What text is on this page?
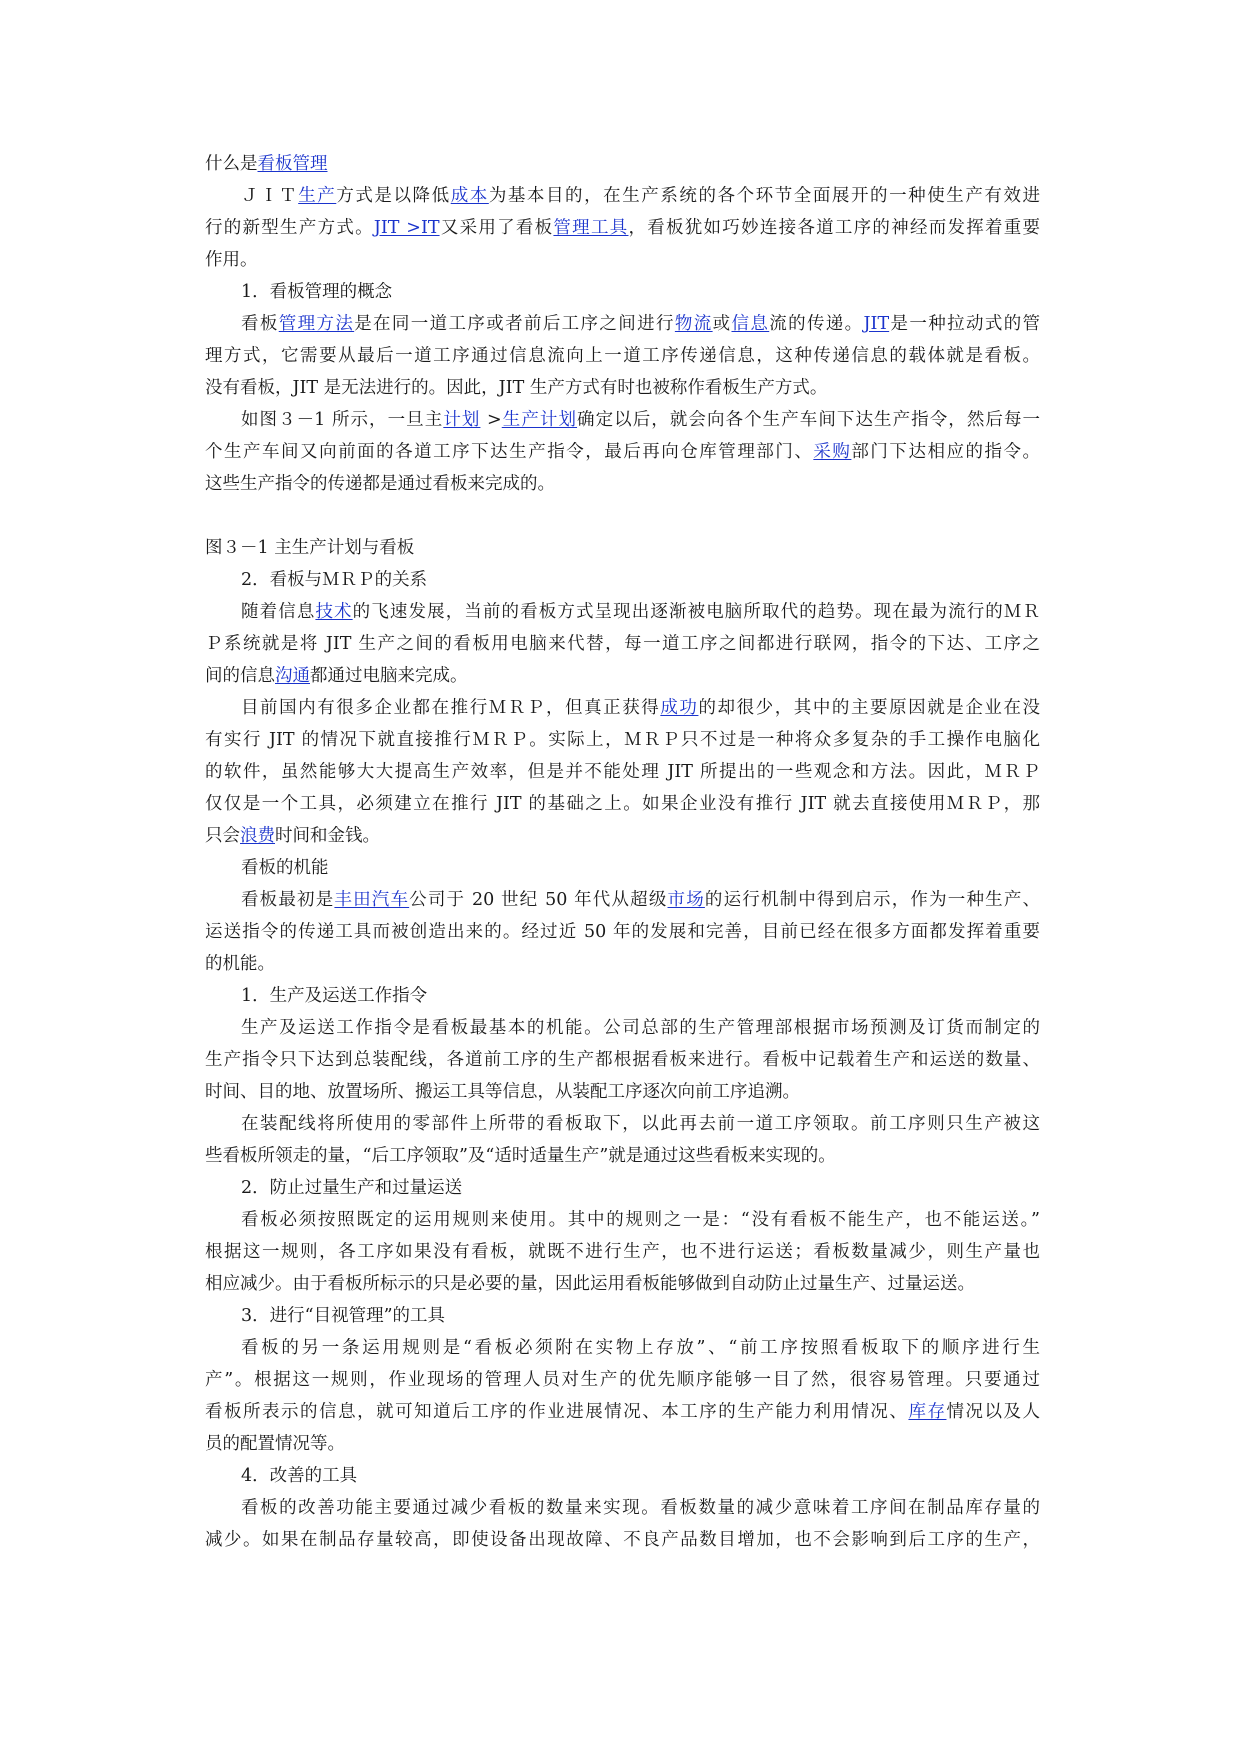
什么是看板管理
ＪＩＴ生产方式是以降低成本为基本目的，在生产系统的各个环节全面展开的一种使生产有效进
行的新型生产方式。JIT >IT又采用了看板管理工具，看板犹如巧妙连接各道工序的神经而发挥着重要
作用。
1．看板管理的概念
看板管理方法是在同一道工序或者前后工序之间进行物流或信息流的传递。JIT是一种拉动式的管
理方式，它需要从最后一道工序通过信息流向上一道工序传递信息，这种传递信息的载体就是看板。
没有看板，JIT 是无法进行的。因此，JIT 生产方式有时也被称作看板生产方式。
如图３－1 所示，一旦主计划 >生产计划确定以后，就会向各个生产车间下达生产指令，然后每一
个生产车间又向前面的各道工序下达生产指令，最后再向仓库管理部门、采购部门下达相应的指令。
这些生产指令的传递都是通过看板来完成的。
图３－1 主生产计划与看板
2．看板与ＭＲＰ的关系
随着信息技术的飞速发展，当前的看板方式呈现出逐渐被电脑所取代的趋势。现在最为流行的ＭＲ
Ｐ系统就是将 JIT 生产之间的看板用电脑来代替，每一道工序之间都进行联网，指令的下达、工序之
间的信息沟通都通过电脑来完成。
目前国内有很多企业都在推行ＭＲＰ，但真正获得成功的却很少，其中的主要原因就是企业在没
有实行 JIT 的情况下就直接推行ＭＲＰ。实际上，ＭＲＰ只不过是一种将众多复杂的手工操作电脑化
的软件，虽然能够大大提高生产效率，但是并不能处理 JIT 所提出的一些观念和方法。因此，ＭＲＰ
仅仅是一个工具，必须建立在推行 JIT 的基础之上。如果企业没有推行 JIT 就去直接使用ＭＲＰ，那
只会浪费时间和金钱。
看板的机能
看板最初是丰田汽车公司于 20 世纪 50 年代从超级市场的运行机制中得到启示，作为一种生产、
运送指令的传递工具而被创造出来的。经过近 50 年的发展和完善，目前已经在很多方面都发挥着重要
的机能。
1．生产及运送工作指令
生产及运送工作指令是看板最基本的机能。公司总部的生产管理部根据市场预测及订货而制定的
生产指令只下达到总装配线，各道前工序的生产都根据看板来进行。看板中记载着生产和运送的数量、
时间、目的地、放置场所、搬运工具等信息，从装配工序逐次向前工序追溯。
在装配线将所使用的零部件上所带的看板取下，以此再去前一道工序领取。前工序则只生产被这
些看板所领走的量，“后工序领取”及“适时适量生产”就是通过这些看板来实现的。
2．防止过量生产和过量运送
看板必须按照既定的运用规则来使用。其中的规则之一是：“没有看板不能生产，也不能运送。”
根据这一规则，各工序如果没有看板，就既不进行生产，也不进行运送；看板数量减少，则生产量也
相应减少。由于看板所标示的只是必要的量，因此运用看板能够做到自动防止过量生产、过量运送。
3．进行“目视管理”的工具
看板的另一条运用规则是“看板必须附在实物上存放”、“前工序按照看板取下的顺序进行生
产”。根据这一规则，作业现场的管理人员对生产的优先顺序能够一目了然，很容易管理。只要通过
看板所表示的信息，就可知道后工序的作业进展情况、本工序的生产能力利用情况、库存情况以及人
员的配置情况等。
4．改善的工具
看板的改善功能主要通过减少看板的数量来实现。看板数量的减少意味着工序间在制品库存量的
减少。如果在制品存量较高，即使设备出现故障、不良产品数目增加，也不会影响到后工序的生产，
